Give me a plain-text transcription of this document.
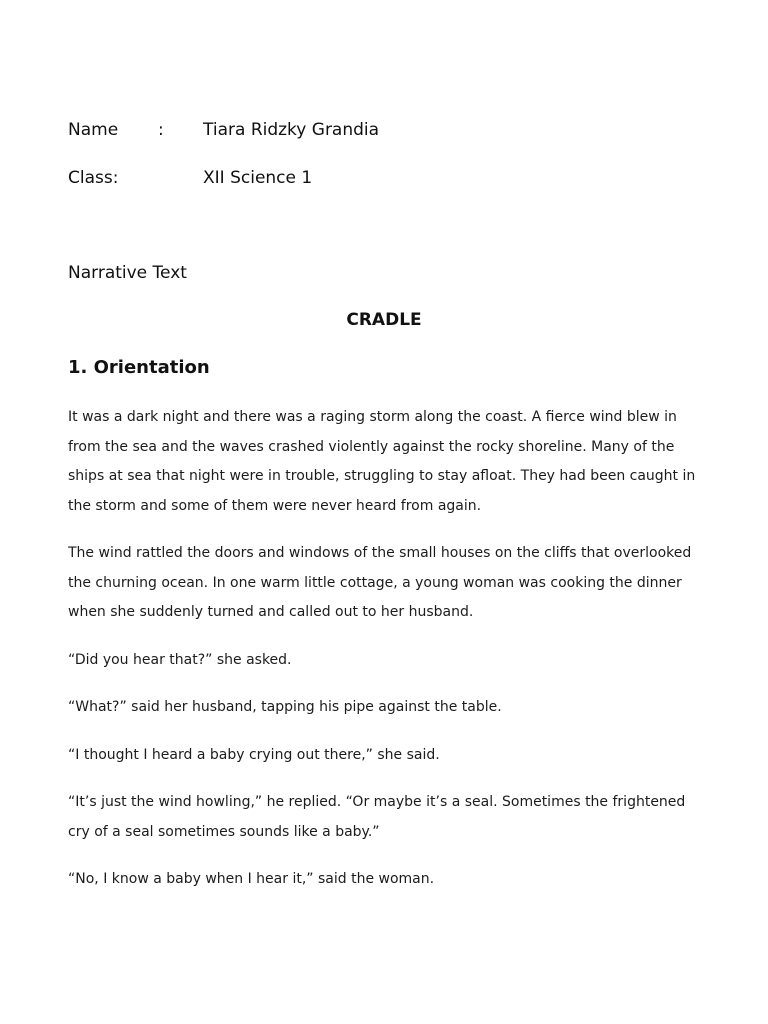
Name : Tiara Ridzky Grandia
Class:	XII Science 1
Narrative Text
CRADLE
1. Orientation

It was a dark night and there was a raging storm along the coast. A fierce wind blew in from the sea and the waves crashed violently against the rocky shoreline. Many of the ships at sea that night were in trouble, struggling to stay afloat. They had been caught in the storm and some of them were never heard from again.

The wind rattled the doors and windows of the small houses on the cliffs that overlooked the churning ocean. In one warm little cottage, a young woman was cooking the dinner when she suddenly turned and called out to her husband.

“Did you hear that?” she asked.

“What?” said her husband, tapping his pipe against the table.

“I thought I heard a baby crying out there,” she said.

“It’s just the wind howling,” he replied. “Or maybe it’s a seal. Sometimes the frightened cry of a seal sometimes sounds like a baby.”

“No, I know a baby when I hear it,” said the woman.
